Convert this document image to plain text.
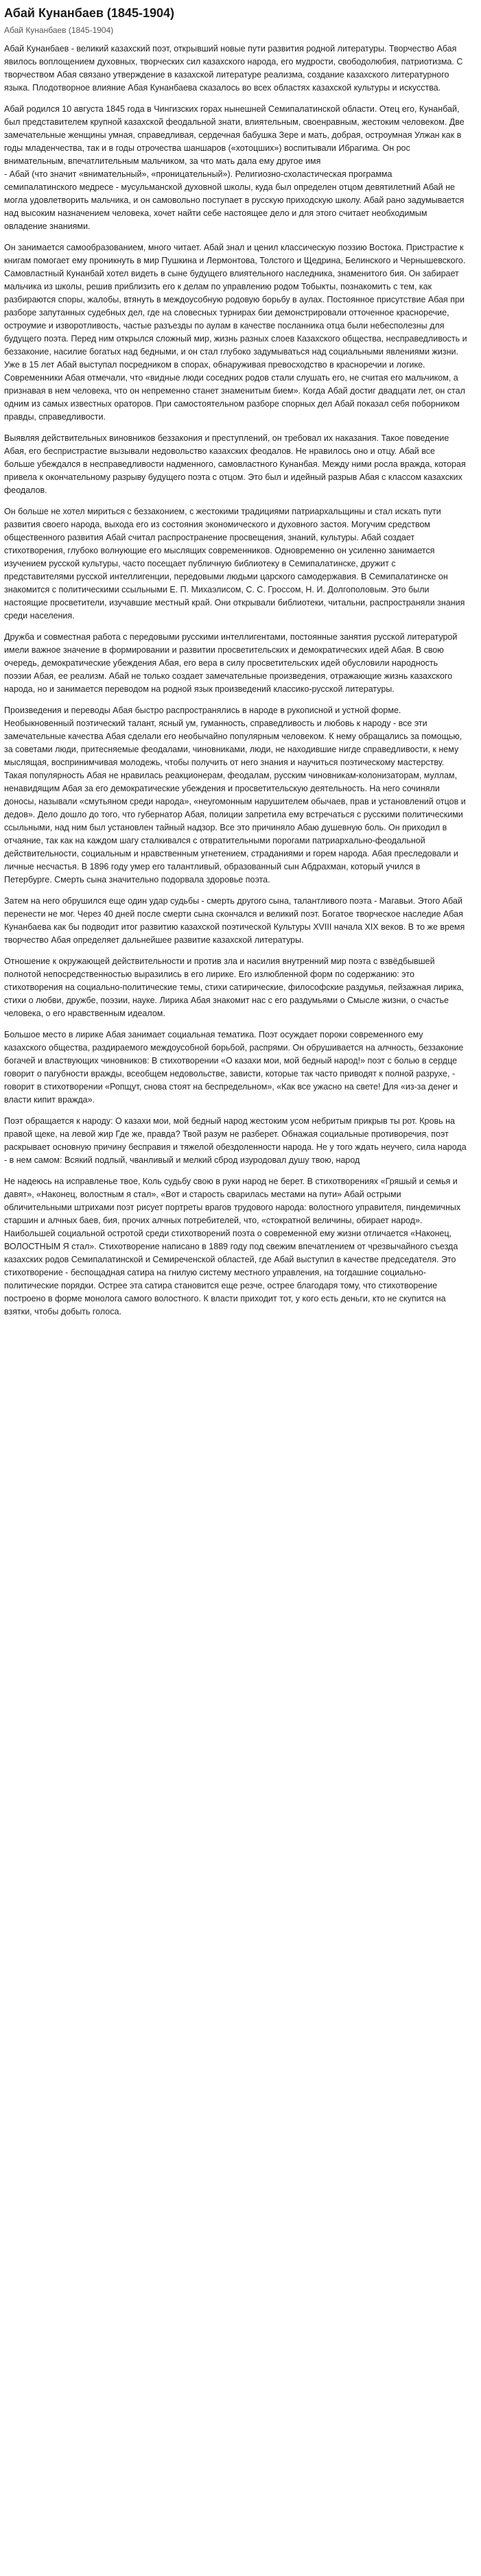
Абай Кунанбаев (1845-1904)
Абай Кунанбаев (1845-1904)

Абай Кунанбаев - великий казахский поэт, открывший новые пути развития родной литературы. Творчество Абая явилось воплощением духовных, творческих сил казахского народа, его мудрости, свободолюбия, патриотизма. С творчеством Абая связано утверждение в казахской литературе реализма, создание казахского литературного языка. Плодотворное влияние Абая Кунанбаева сказалось во всех областях казахской культуры и искусства.

Абай родился 10 августа 1845 года в Чингизских горах нынешней Семипалатинской области. Отец его, Кунанбай, был представителем крупной казахской феодальной знати, влиятельным, своенравным, жестоким человеком. Две замечательные женщины умная, справедливая, сердечная бабушка Зере и мать, добрая, остроумная Улжан как в годы младенчества, так и в годы отрочества шаншаров («хотоцших») воспитывали Ибрагима. Он рос внимательным, впечатлительным мальчиком, за что мать дала ему другое имя

- Абай (что значит «внимательный», «проницательный»). Религиозно-схоластическая программа семипалатинского медресе - мусульманской духовной школы, куда был определен отцом девятилетний Абай не могла удовлетворить мальчика, и он самовольно поступает в русскую приходскую школу. Абай рано задумывается над высоким назначением человека, хочет найти себе настоящее дело и для этого считает необходимым овладение знаниями.

Он занимается самообразованием, много читает. Абай знал и ценил классическую поэзию Востока. Пристрастие к книгам помогает ему проникнуть в мир Пушкина и Лермонтова, Толстого и Щедрина, Белинского и Чернышевского. Самовластный Кунанбай хотел видеть в сыне будущего влиятельного наследника, знаменитого бия. Он забирает мальчика из школы, решив приблизить его к делам по управлению родом Тобыкты, познакомить с тем, как разбираются споры, жалобы, втянуть в междоусобную родовую борьбу в аулах. Постоянное присутствие Абая при разборе запутанных судебных дел, где на словесных турнирах бии демонстрировали отточенное красноречие, остроумие и изворотливость, частые разъезды по аулам в качестве посланника отца были небесполезны для будущего поэта. Перед ним открылся сложный мир, жизнь разных слоев Казахского общества, несправедливость и беззаконие, насилие богатых над бедными, и он стал глубоко задумываться над социальными явлениями жизни. Уже в 15 лет Абай выступал посредником в спорах, обнаруживая превосходство в красноречии и логике. Современники Абая отмечали, что «видные люди соседних родов стали слушать его, не считая его мальчиком, а признавая в нем человека, что он непременно станет знаменитым бием». Когда Абай достиг двадцати лет, он стал одним из самых известных ораторов. При самостоятельном разборе спорных дел Абай показал себя поборником правды, справедливости.

Выявляя действительных виновников беззакония и преступлений, он требовал их наказания. Такое поведение Абая, его беспристрастие вызывали недовольство казахских феодалов. Не нравилось оно и отцу. Абай все больше убеждался в несправедливости надменного, самовластного Кунанбая. Между ними росла вражда, которая привела к окончательному разрыву будущего поэта с отцом. Это был и идейный разрыв Абая с классом казахских феодалов.

Он больше не хотел мириться с беззаконием, с жестокими традициями патриархальщины и стал искать пути развития своего народа, выхода его из состояния экономического и духовного застоя. Могучим средством общественного развития Абай считал распространение просвещения, знаний, культуры. Абай создает стихотворения, глубоко волнующие его мыслящих современников. Одновременно он усиленно занимается изучением русской культуры, часто посещает публичную библиотеку в Семипалатинске, дружит с представителями русской интеллигенции, передовыми людьми царского самодержавия. В Семипалатинске он знакомится с политическими ссыльными Е. П. Михаэлисом, С. С. Гроссом, Н. И. Долгополовым. Это были настоящие просветители, изучавшие местный край. Они открывали библиотеки, читальни, распространяли знания среди населения.

Дружба и совместная работа с передовыми русскими интеллигентами, постоянные занятия русской литературой имели важное значение в формировании и развитии просветительских и демократических идей Абая. В свою очередь, демократические убеждения Абая, его вера в силу просветительских идей обусловили народность поэзии Абая, ее реализм. Абай не только создает замечательные произведения, отражающие жизнь казахского народа, но и занимается переводом на родной язык произведений классико-русской литературы.

Произведения и переводы Абая быстро распространялись в народе в рукописной и устной форме. Необыкновенный поэтический талант, ясный ум, гуманность, справедливость и любовь к народу - все эти замечательные качества Абая сделали его необычайно популярным человеком. К нему обращались за помощью, за советами люди, притесняемые феодалами, чиновниками, люди, не находившие нигде справедливости, к нему мыслящая, воспринимчивая молодежь, чтобы получить от него знания и научиться поэтическому мастерству. Такая популярность Абая не нравилась реакционерам, феодалам, русским чиновникам-колонизаторам, муллам, ненавидящим Абая за его демократические убеждения и просветительскую деятельность. На него сочиняли доносы, называли «смутьяном среди народа», «неугомонным нарушителем обычаев, прав и установлений отцов и дедов». Дело дошло до того, что губернатор Абая, полиции запретила ему встречаться с русскими политическими ссыльными, над ним был установлен тайный надзор. Все это причиняло Абаю душевную боль. Он приходил в отчаяние, так как на каждом шагу сталкивался с отвратительными порогами патриархально-феодальной действительности, социальным и нравственным угнетением, страданиями и горем народа. Абая преследовали и личные несчастья. В 1896 году умер его талантливый, образованный сын Абдрахман, который учился в Петербурге. Смерть сына значительно подорвала здоровье поэта.

Затем на него обрушился еще один удар судьбы - смерть другого сына, талантливого поэта - Магавьи. Этого Абай перенести не мог. Через 40 дней после смерти сына скончался и великий поэт. Богатое творческое наследие Абая Кунанбаева как бы подводит итог развитию казахской поэтической Культуры XVIII начала XIX веков. В то же время творчество Абая определяет дальнейшее развитие казахской литературы.

Отношение к окружающей действительности и против зла и насилия внутренний мир поэта с взвёдбывшей полнотой непосредственностью выразились в его лирике. Его излюбленной форм по содержанию: это стихотворения на социально-политические темы, стихи сатирические, философские раздумья, пейзажная лирика, стихи о любви, дружбе, поэзии, науке. Лирика Абая знакомит нас с его раздумьями о Смысле жизни, о счастье человека, о его нравственным идеалом.

Большое место в лирике Абая занимает социальная тематика. Поэт осуждает пороки современного ему казахского общества, раздираемого междоусобной борьбой, распрями. Он обрушивается на алчность, беззаконие богачей и властвующих чиновников: В стихотворении «О казахи мои, мой бедный народ!» поэт с болью в сердце говорит о пагубности вражды, всеобщем недовольстве, зависти, которые так часто приводят к полной разрухе, - говорит в стихотворении «Ропщут, снова стоят на беспредельном», «Как все ужасно на свете! Для «из-за денег и власти кипит вражда».

Поэт обращается к народу: О казахи мои, мой бедный народ жестоким усом небритым прикрыв ты рот. Кровь на правой щеке, на левой жир Где же, правда? Твой разум не разберет. Обнажая социальные противоречия, поэт раскрывает основную причину бесправия и тяжелой обездоленности народа. Не у того ждать неучего, сила народа - в нем самом: Всякий подлый, чванливый и мелкий сброд изуродовал душу твою, народ

Не надеюсь на исправленье твое, Коль судьбу свою в руки народ не берет. В стихотворениях «Гряшый и семья и давят», «Наконец, волостным я стал», «Вот и старость сварилась местами на пути» Абай острыми обличительными штрихами поэт рисует портреты врагов трудового народа: волостного управителя, пиндемичных старшин и алчных баев, бия, прочих алчных потребителей, что, «стократной величины, обирает народ». Наибольшей социальной остротой среди стихотворений поэта о современной ему жизни отличается «Наконец, ВОЛОСТНЫМ Я стал». Стихотворение написано в 1889 году под свежим впечатлением от чрезвычайного съезда казахских родов Семипалатинской и Семиреченской областей, где Абай выступил в качестве председателя. Это стихотворение - беспощадная сатира на гнилую систему местного управления, на тогдашние социально-политические порядки. Острее эта сатира становится еще резче, острее благодаря тому, что стихотворение построено в форме монолога самого волостного. К власти приходит тот, у кого есть деньги, кто не скупится на взятки, чтобы добыть голоса.
